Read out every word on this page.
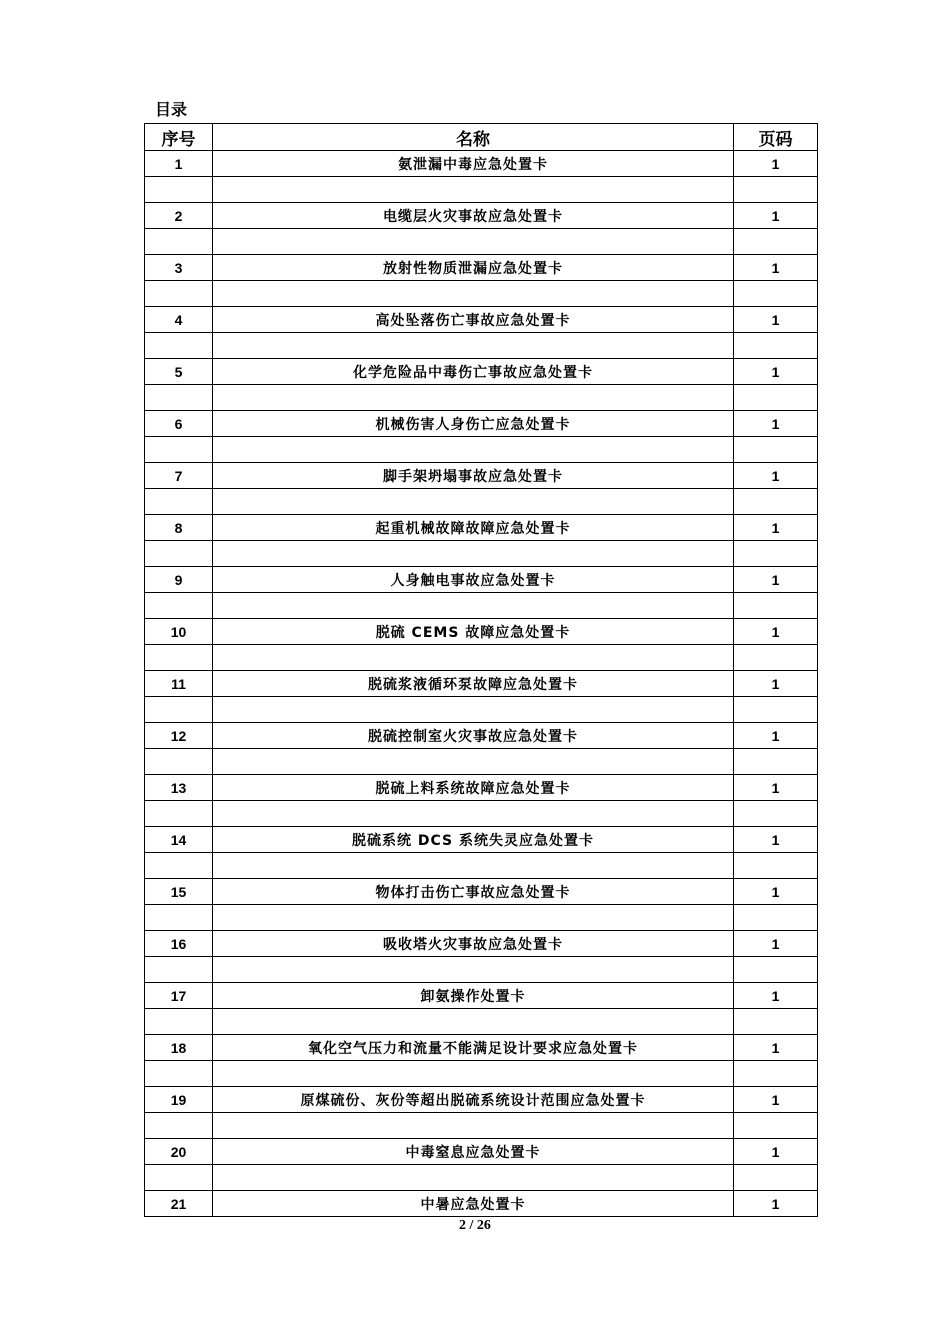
目录
序号	名称	页码
1	氨泄漏中毒应急处置卡	1

2	电缆层火灾事故应急处置卡	1

3	放射性物质泄漏应急处置卡	1

4	高处坠落伤亡事故应急处置卡	1

5	化学危险品中毒伤亡事故应急处置卡	1

6	机械伤害人身伤亡应急处置卡	1

7	脚手架坍塌事故应急处置卡	1

8	起重机械故障故障应急处置卡	1

9	人身触电事故应急处置卡	1

10	脱硫 CEMS 故障应急处置卡	1

11	脱硫浆液循环泵故障应急处置卡	1

12	脱硫控制室火灾事故应急处置卡	1

13	脱硫上料系统故障应急处置卡	1

14	脱硫系统 DCS 系统失灵应急处置卡	1

15	物体打击伤亡事故应急处置卡	1

16	吸收塔火灾事故应急处置卡	1

17	卸氨操作处置卡	1

18	氧化空气压力和流量不能满足设计要求应急处置卡	1

19	原煤硫份、灰份等超出脱硫系统设计范围应急处置卡	1

20	中毒窒息应急处置卡	1

21	中暑应急处置卡	1
2 / 26
